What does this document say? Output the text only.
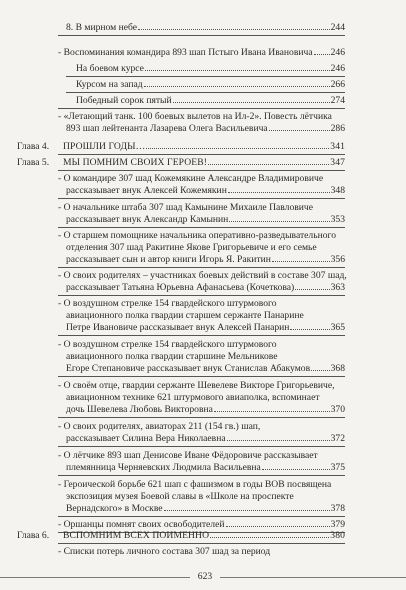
8. В мирном небе	244
- Воспоминания командира 893 шап Пстыго Ивана Ивановича 246
На боевом курсе	246
Курсом на запад	266
Победный сорок пятый	274
- «Летающий танк. 100 боевых вылетов на Ил-2». Повесть лётчика
893 шап лейтенанта Лазарева Олега Васильевича	286
Глава 4. ПРОШЛИ ГОДЫ…	341
Глава 5. МЫ ПОМНИМ СВОИХ ГЕРОЕВ!	347
- О командире 307 шад Кожемякине Александре Владимировиче
рассказывает внук Алексей Кожемякин	348
- О начальнике штаба 307 шад Камынине Михаиле Павловиче
рассказывает внук Александр Камынин	353
- О старшем помощнике начальника оперативно-разведывательного
отделения 307 шад Ракитине Якове Григорьевиче и его семье
рассказывает сын и автор книги Игорь Я. Ракитин	356
- О своих родителях – участниках боевых действий в составе 307 шад,
рассказывает Татьяна Юрьевна Афанасьева (Кочеткова)	363
- О воздушном стрелке 154 гвардейского штурмового
авиационного полка гвардии старшем сержанте Панарине
Петре Ивановиче рассказывает внук Алексей Панарин	365
- О воздушном стрелке 154 гвардейского штурмового
авиационного полка гвардии старшине Мельникове
Егоре Степановиче рассказывает внук Станислав Абакумов 368
- О своём отце, гвардии сержанте Шевелеве Викторе Григорьевиче,
авиационном технике 621 штурмового авиаполка, вспоминает
дочь Шевелева Любовь Викторовна	370
- О своих родителях, авиаторах 211 (154 гв.) шап,
рассказывает Силина Вера Николаевна	372
- О лётчике 893 шап Денисове Иване Фёдоровиче рассказывает
племянница Черняевских Людмила Васильевна	375
- Героической борьбе 621 шап с фашизмом в годы ВОВ посвящена
экспозиция музея Боевой славы в «Школе на проспекте
Вернадского» в Москве	378
- Оршанцы помнят своих освободителей	379
Глава 6. ВСПОМНИМ ВСЕХ ПОИМЕННО	380
- Списки потерь личного состава 307 шад за период
623
